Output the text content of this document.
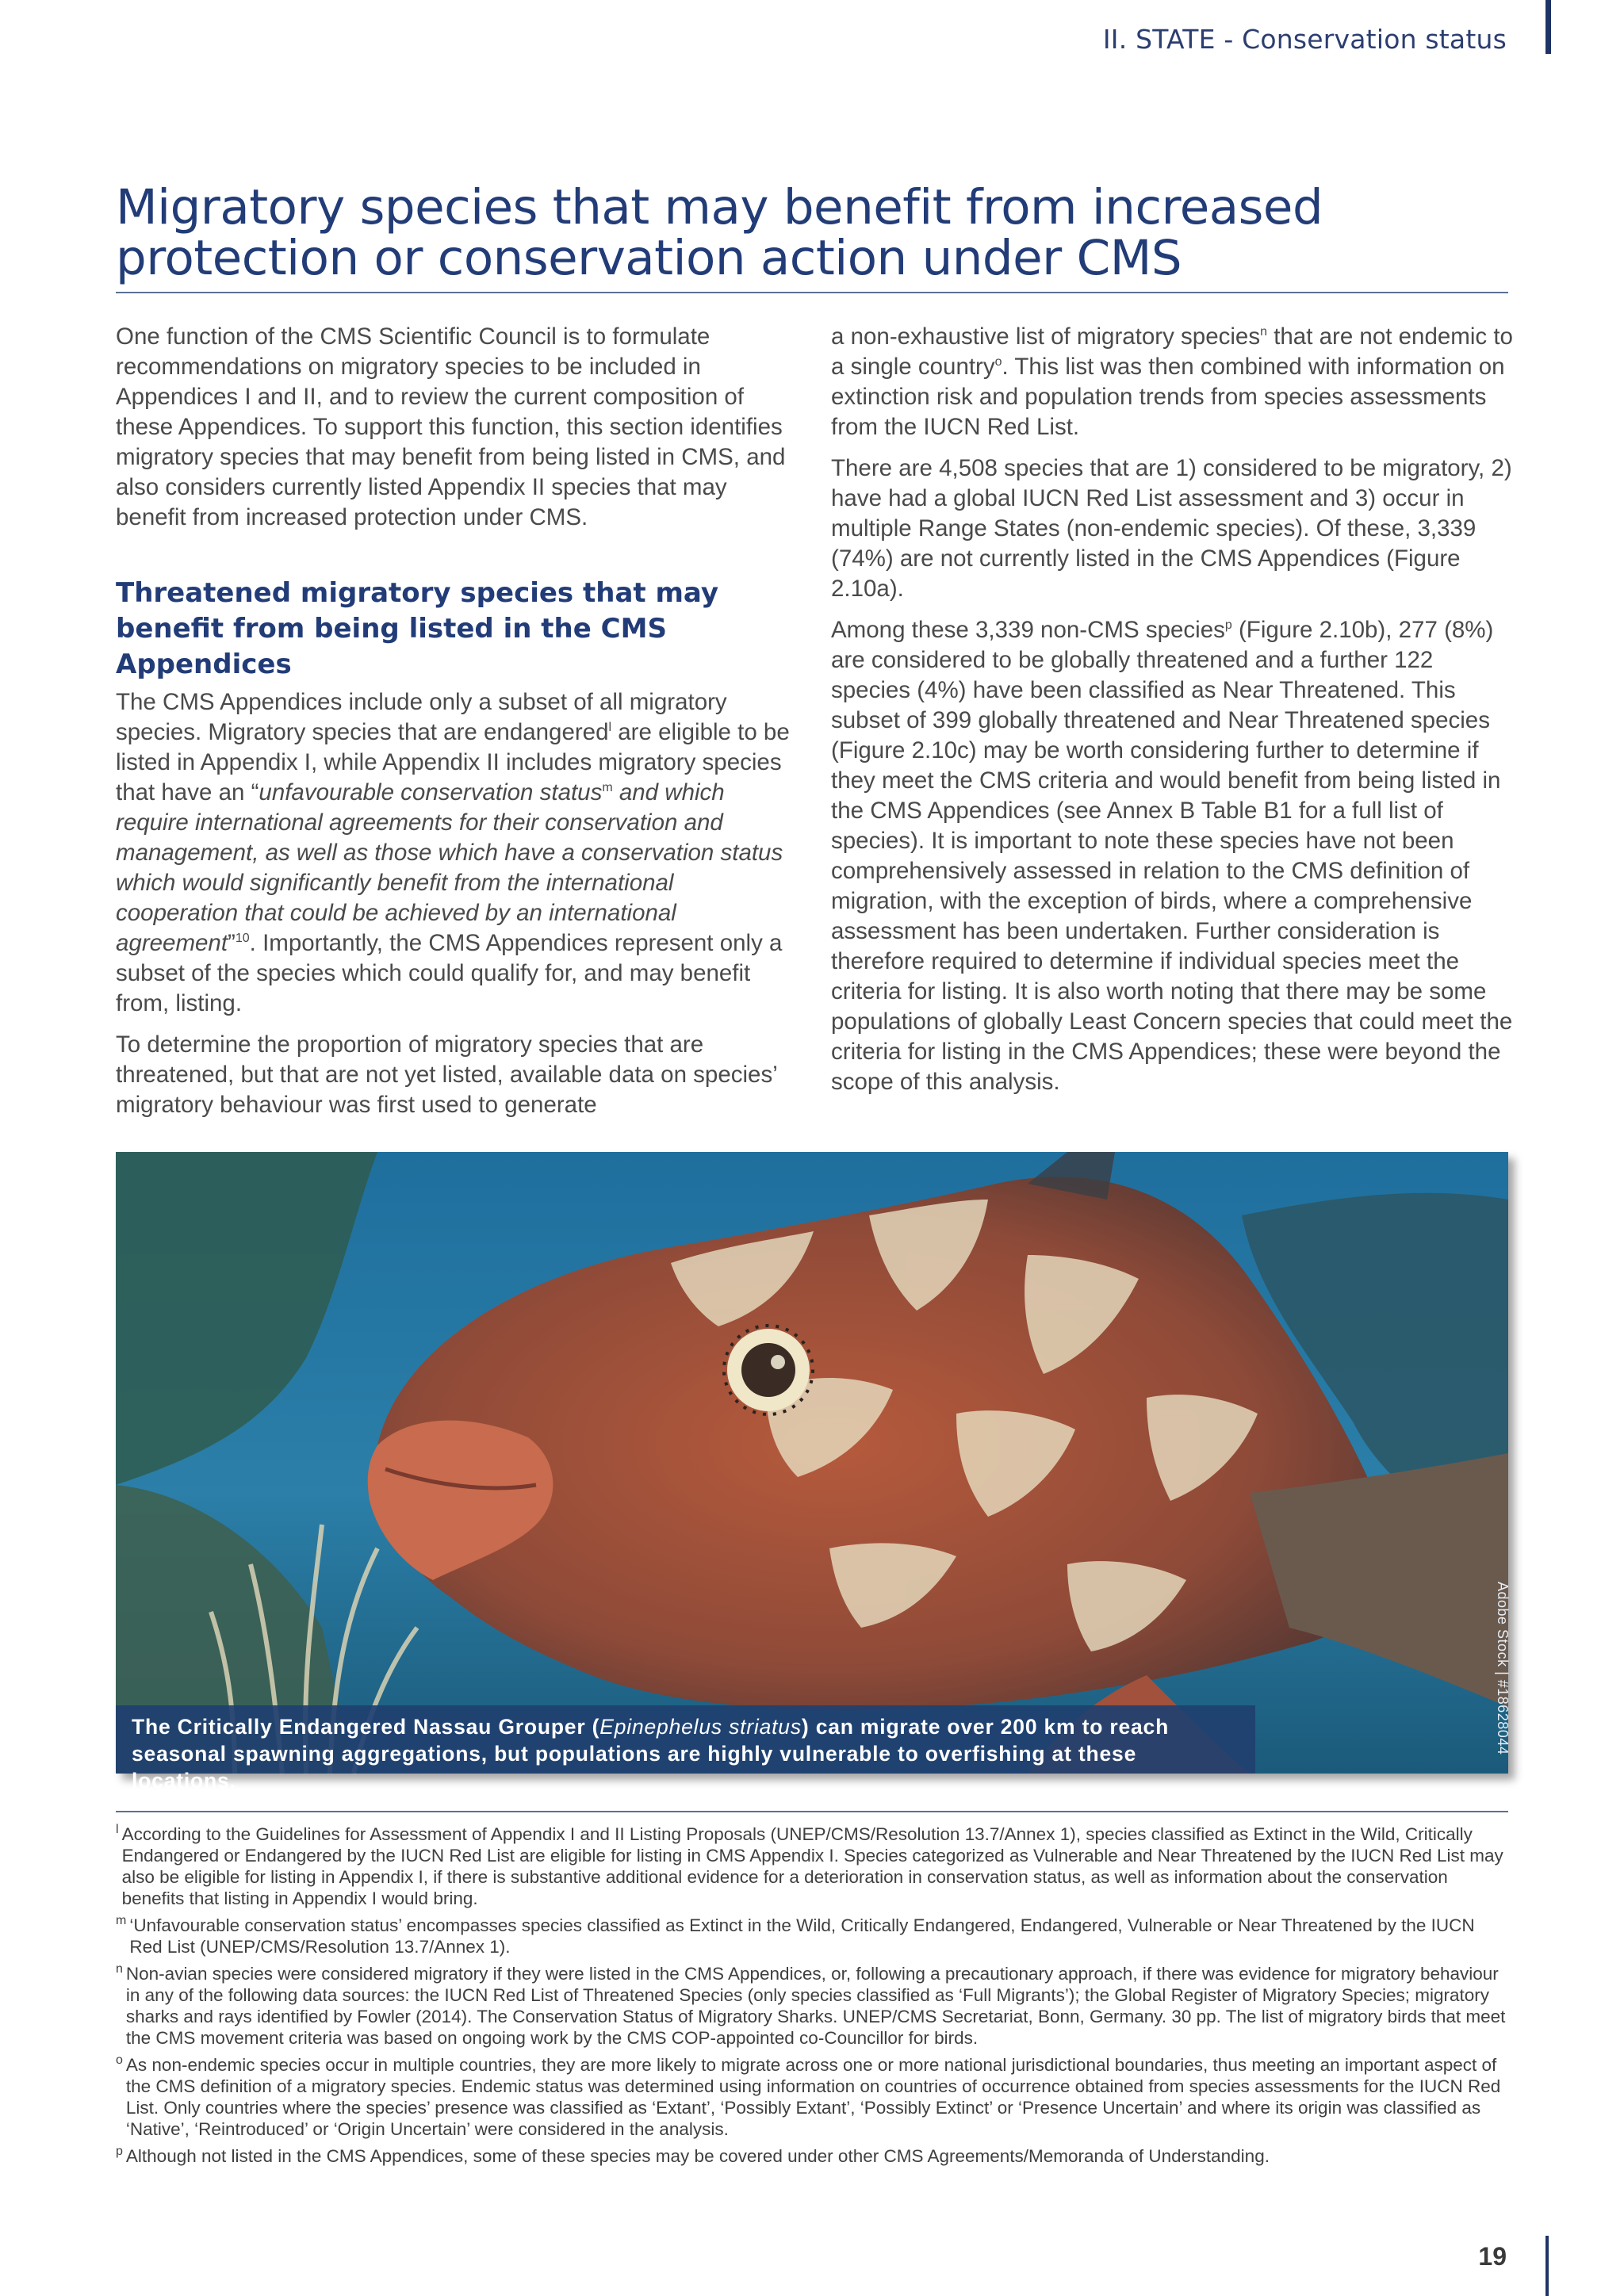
II. STATE - Conservation status
Migratory species that may benefit from increased protection or conservation action under CMS

One function of the CMS Scientific Council is to formulate recommendations on migratory species to be included in Appendices I and II, and to review the current composition of these Appendices. To support this function, this section identifies migratory species that may benefit from being listed in CMS, and also considers currently listed Appendix II species that may benefit from increased protection under CMS.

Threatened migratory species that may benefit from being listed in the CMS Appendices

The CMS Appendices include only a subset of all migratory species. Migratory species that are endangered$^l$ are eligible to be listed in Appendix I, while Appendix II includes migratory species that have an “unfavourable conservation status$^m$ and which require international agreements for their conservation and management, as well as those which have a conservation status which would significantly benefit from the international cooperation that could be achieved by an international agreement”$^{10}$. Importantly, the CMS Appendices represent only a subset of the species which could qualify for, and may benefit from, listing.

To determine the proportion of migratory species that are threatened, but that are not yet listed, available data on species’ migratory behaviour was first used to generate

a non-exhaustive list of migratory species$^n$ that are not endemic to a single country$^o$. This list was then combined with information on extinction risk and population trends from species assessments from the IUCN Red List.

There are 4,508 species that are 1) considered to be migratory, 2) have had a global IUCN Red List assessment and 3) occur in multiple Range States (non-endemic species). Of these, 3,339 (74%) are not currently listed in the CMS Appendices (Figure 2.10a).

Among these 3,339 non-CMS species$^p$ (Figure 2.10b), 277 (8%) are considered to be globally threatened and a further 122 species (4%) have been classified as Near Threatened. This subset of 399 globally threatened and Near Threatened species (Figure 2.10c) may be worth considering further to determine if they meet the CMS criteria and would benefit from being listed in the CMS Appendices (see Annex B Table B1 for a full list of species). It is important to note these species have not been comprehensively assessed in relation to the CMS definition of migration, with the exception of birds, where a comprehensive assessment has been undertaken. Further consideration is therefore required to determine if individual species meet the criteria for listing. It is also worth noting that there may be some populations of globally Least Concern species that could meet the criteria for listing in the CMS Appendices; these were beyond the scope of this analysis.

The Critically Endangered Nassau Grouper (Epinephelus striatus) can migrate over 200 km to reach seasonal spawning aggregations, but populations are highly vulnerable to overfishing at these locations.
Adobe Stock | #18628044
l According to the Guidelines for Assessment of Appendix I and II Listing Proposals (UNEP/CMS/Resolution 13.7/Annex 1), species classified as Extinct in the Wild, Critically Endangered or Endangered by the IUCN Red List are eligible for listing in CMS Appendix I. Species categorized as Vulnerable and Near Threatened by the IUCN Red List may also be eligible for listing in Appendix I, if there is substantive additional evidence for a deterioration in conservation status, as well as information about the conservation benefits that listing in Appendix I would bring.
m ‘Unfavourable conservation status’ encompasses species classified as Extinct in the Wild, Critically Endangered, Endangered, Vulnerable or Near Threatened by the IUCN Red List (UNEP/CMS/Resolution 13.7/Annex 1).
n Non-avian species were considered migratory if they were listed in the CMS Appendices, or, following a precautionary approach, if there was evidence for migratory behaviour in any of the following data sources: the IUCN Red List of Threatened Species (only species classified as ‘Full Migrants’); the Global Register of Migratory Species; migratory sharks and rays identified by Fowler (2014). The Conservation Status of Migratory Sharks. UNEP/CMS Secretariat, Bonn, Germany. 30 pp. The list of migratory birds that meet the CMS movement criteria was based on ongoing work by the CMS COP-appointed co-Councillor for birds.
o As non-endemic species occur in multiple countries, they are more likely to migrate across one or more national jurisdictional boundaries, thus meeting an important aspect of the CMS definition of a migratory species. Endemic status was determined using information on countries of occurrence obtained from species assessments for the IUCN Red List. Only countries where the species’ presence was classified as ‘Extant’, ‘Possibly Extant’, ‘Possibly Extinct’ or ‘Presence Uncertain’ and where its origin was classified as ‘Native’, ‘Reintroduced’ or ‘Origin Uncertain’ were considered in the analysis.
p Although not listed in the CMS Appendices, some of these species may be covered under other CMS Agreements/Memoranda of Understanding.
19
